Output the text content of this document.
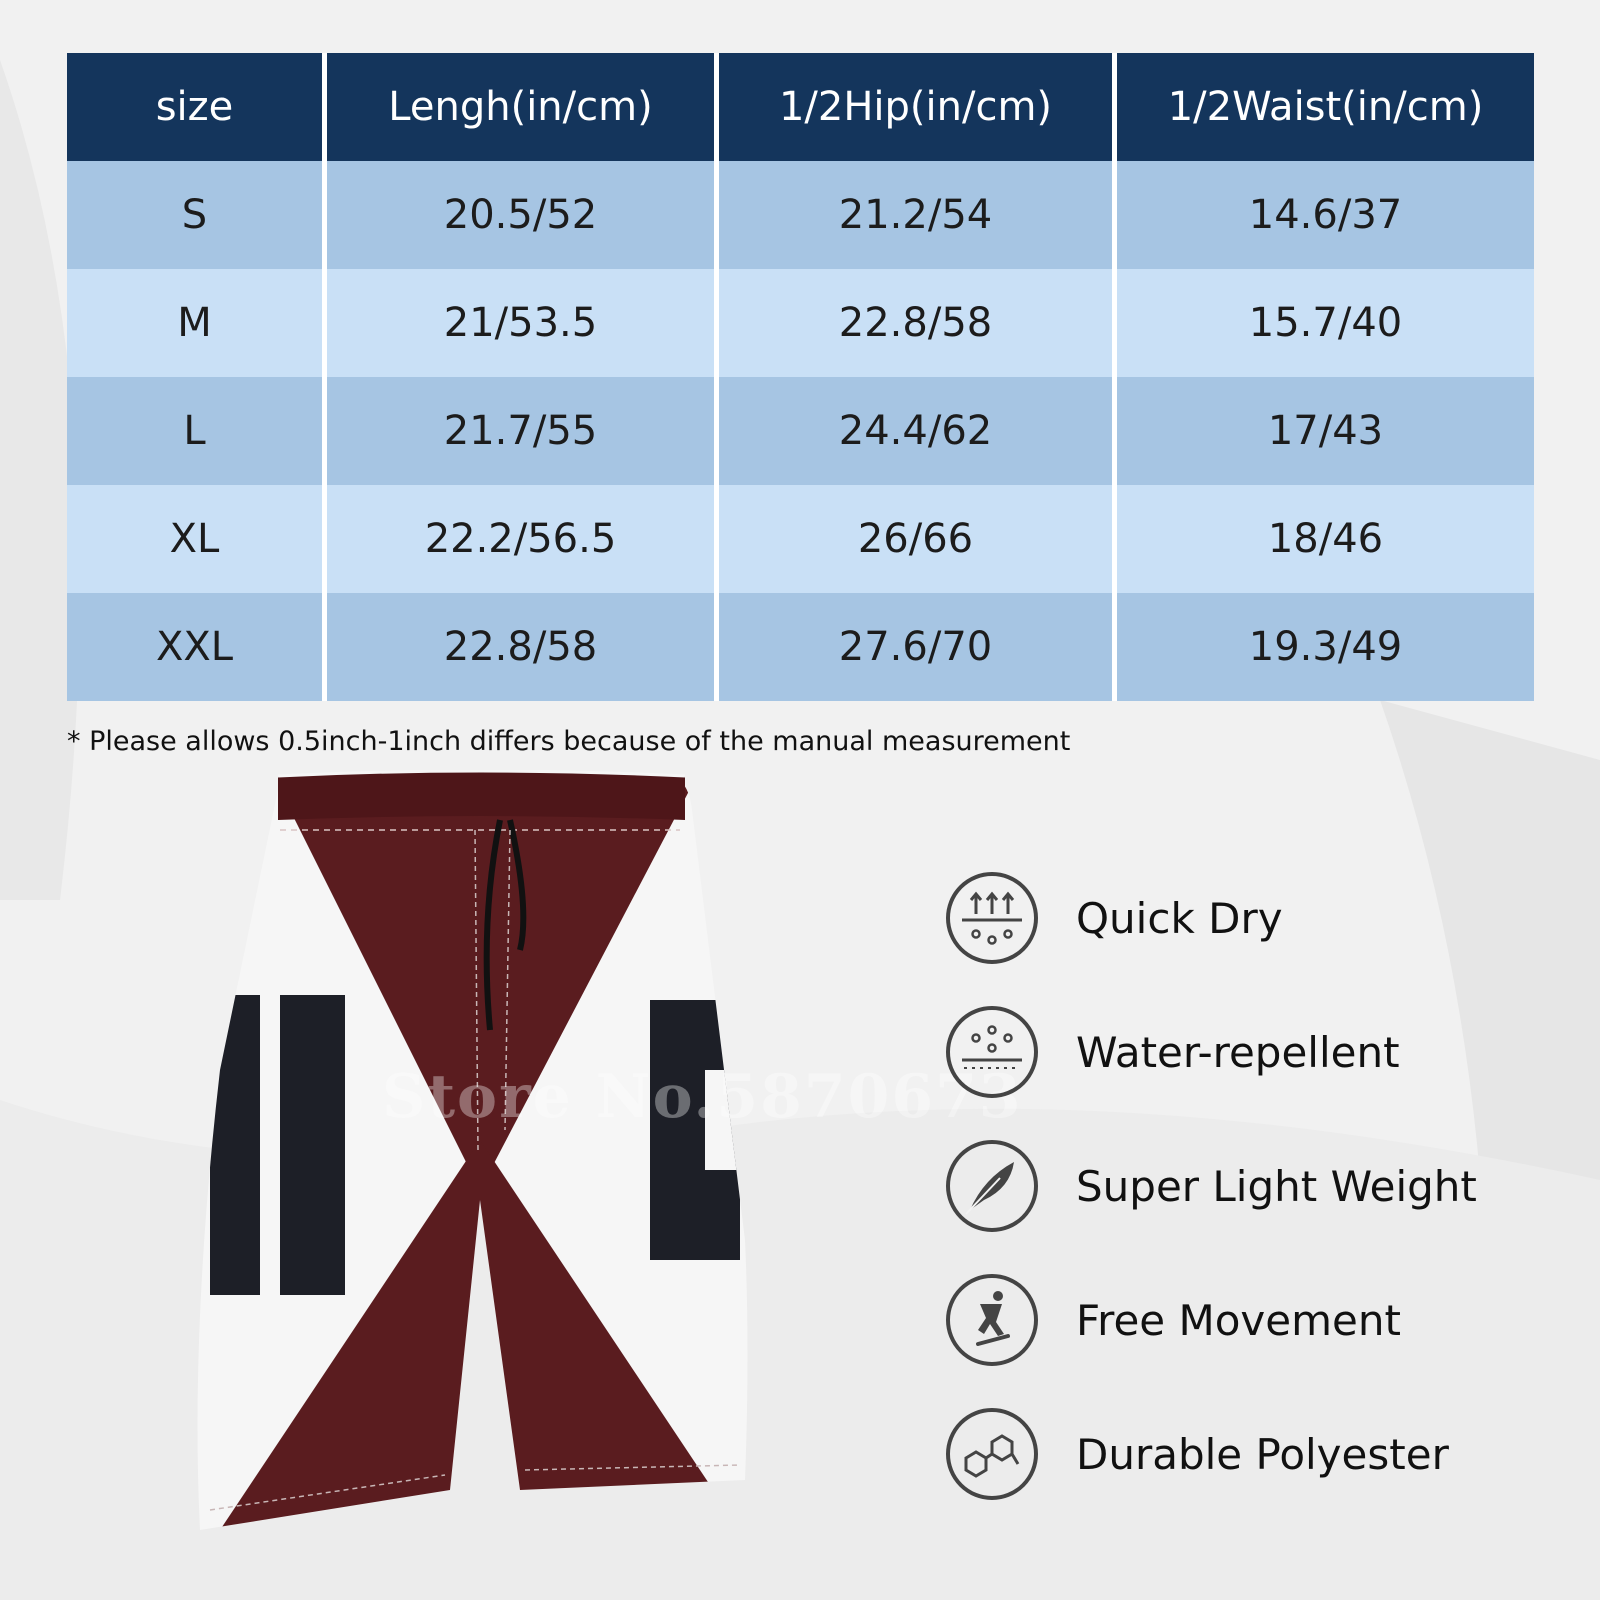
size	Lengh(in/cm)	1/2Hip(in/cm)	1/2Waist(in/cm)
S	20.5/52	21.2/54	14.6/37
M	21/53.5	22.8/58	15.7/40
L	21.7/55	24.4/62	17/43
XL	22.2/56.5	26/66	18/46
XXL	22.8/58	27.6/70	19.3/49
* Please allows 0.5inch-1inch differs because of the manual measurement
Store No.5870673
Quick Dry
Water-repellent
Super Light Weight
Free Movement
Durable Polyester
